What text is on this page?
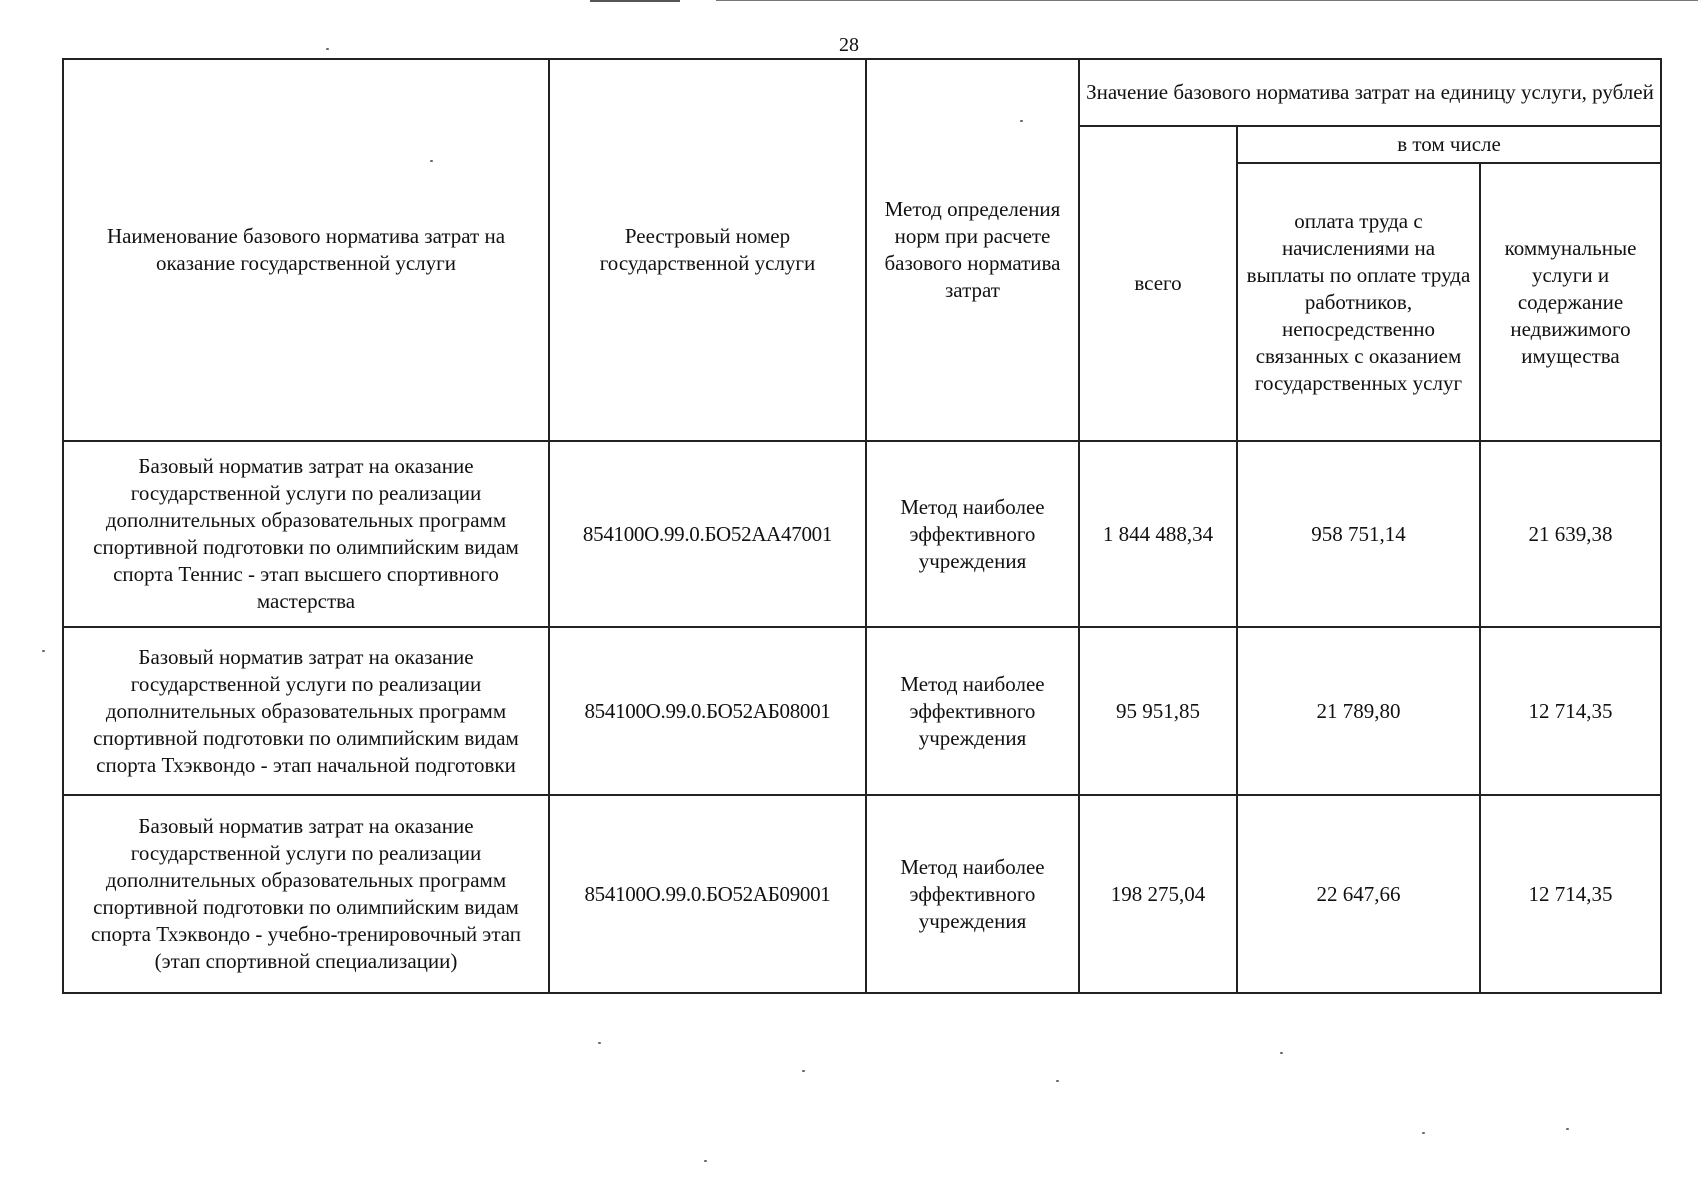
28
Наименование базового норматива затрат на оказание государственной услуги	Реестровый номер государственной услуги	Метод определения норм при расчете базового норматива затрат	Значение базового норматива затрат на единицу услуги, рублей		
			всего	в том числе	
				оплата труда с начислениями на выплаты по оплате труда работников, непосредственно связанных с оказанием государственных услуг	коммунальные услуги и содержание недвижимого имущества
Базовый норматив затрат на оказание государственной услуги по реализации дополнительных образовательных программ спортивной подготовки по олимпийским видам спорта Теннис - этап высшего спортивного мастерства	854100О.99.0.БО52АА47001	Метод наиболее эффективного учреждения	1 844 488,34	958 751,14	21 639,38
Базовый норматив затрат на оказание государственной услуги по реализации дополнительных образовательных программ спортивной подготовки по олимпийским видам спорта Тхэквондо - этап начальной подготовки	854100О.99.0.БО52АБ08001	Метод наиболее эффективного учреждения	95 951,85	21 789,80	12 714,35
Базовый норматив затрат на оказание государственной услуги по реализации дополнительных образовательных программ спортивной подготовки по олимпийским видам спорта Тхэквондо - учебно-тренировочный этап (этап спортивной специализации)	854100О.99.0.БО52АБ09001	Метод наиболее эффективного учреждения	198 275,04	22 647,66	12 714,35
